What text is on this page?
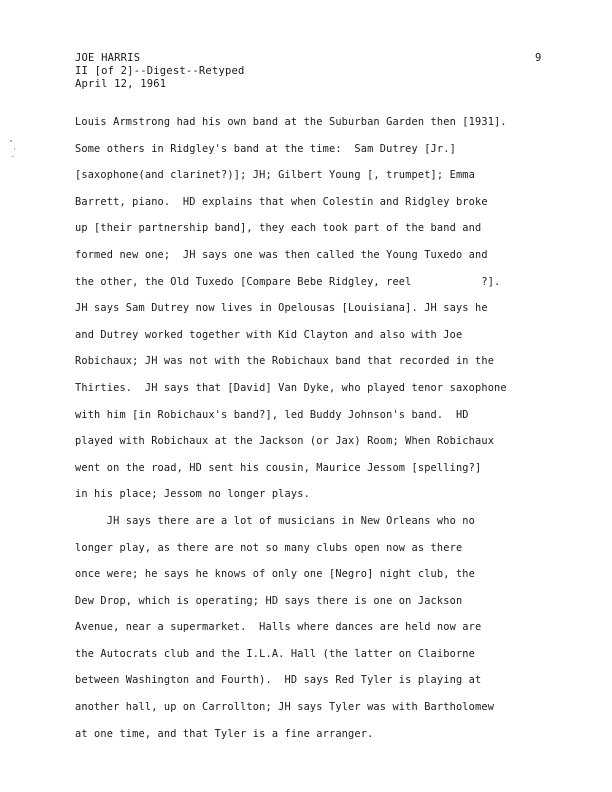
JOE HARRIS
II [of 2]--Digest--Retyped
April 12, 1961
9
Louis Armstrong had his own band at the Suburban Garden then [1931].
Some others in Ridgley's band at the time:  Sam Dutrey [Jr.]
[saxophone(and clarinet?)]; JH; Gilbert Young [, trumpet]; Emma
Barrett, piano.  HD explains that when Colestin and Ridgley broke
up [their partnership band], they each took part of the band and
formed new one;  JH says one was then called the Young Tuxedo and
the other, the Old Tuxedo [Compare Bebe Ridgley, reel           ?].
JH says Sam Dutrey now lives in Opelousas [Louisiana]. JH says he
and Dutrey worked together with Kid Clayton and also with Joe
Robichaux; JH was not with the Robichaux band that recorded in the
Thirties.  JH says that [David] Van Dyke, who played tenor saxophone
with him [in Robichaux's band?], led Buddy Johnson's band.  HD
played with Robichaux at the Jackson (or Jax) Room; When Robichaux
went on the road, HD sent his cousin, Maurice Jessom [spelling?]
in his place; Jessom no longer plays.
JH says there are a lot of musicians in New Orleans who no
longer play, as there are not so many clubs open now as there
once were; he says he knows of only one [Negro] night club, the
Dew Drop, which is operating; HD says there is one on Jackson
Avenue, near a supermarket.  Halls where dances are held now are
the Autocrats club and the I.L.A. Hall (the latter on Claiborne
between Washington and Fourth).  HD says Red Tyler is playing at
another hall, up on Carrollton; JH says Tyler was with Bartholomew
at one time, and that Tyler is a fine arranger.
